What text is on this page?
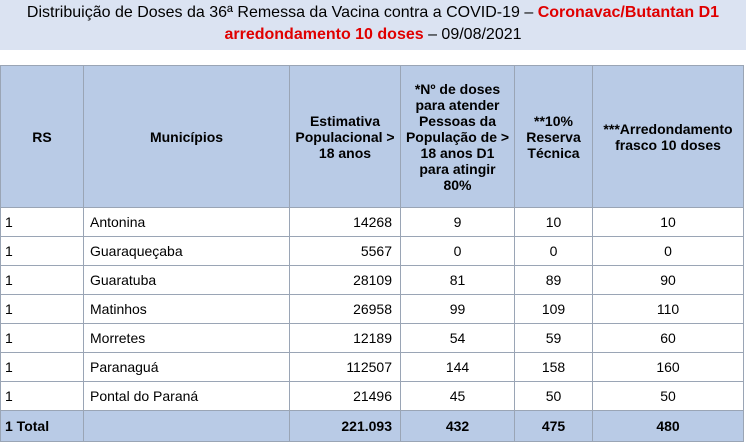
Distribuição de Doses da 36ª Remessa da Vacina contra a COVID-19 – Coronavac/Butantan D1
arredondamento 10 doses – 09/08/2021
RS	Municípios	Estimativa Populacional > 18 anos	*Nº de doses para atender Pessoas da População de > 18 anos D1 para atingir 80%	**10% Reserva Técnica	***Arredondamento frasco 10 doses
1	Antonina	14268	9	10	10
1	Guaraqueçaba	5567	0	0	0
1	Guaratuba	28109	81	89	90
1	Matinhos	26958	99	109	110
1	Morretes	12189	54	59	60
1	Paranaguá	112507	144	158	160
1	Pontal do Paraná	21496	45	50	50
1 Total		221.093	432	475	480
